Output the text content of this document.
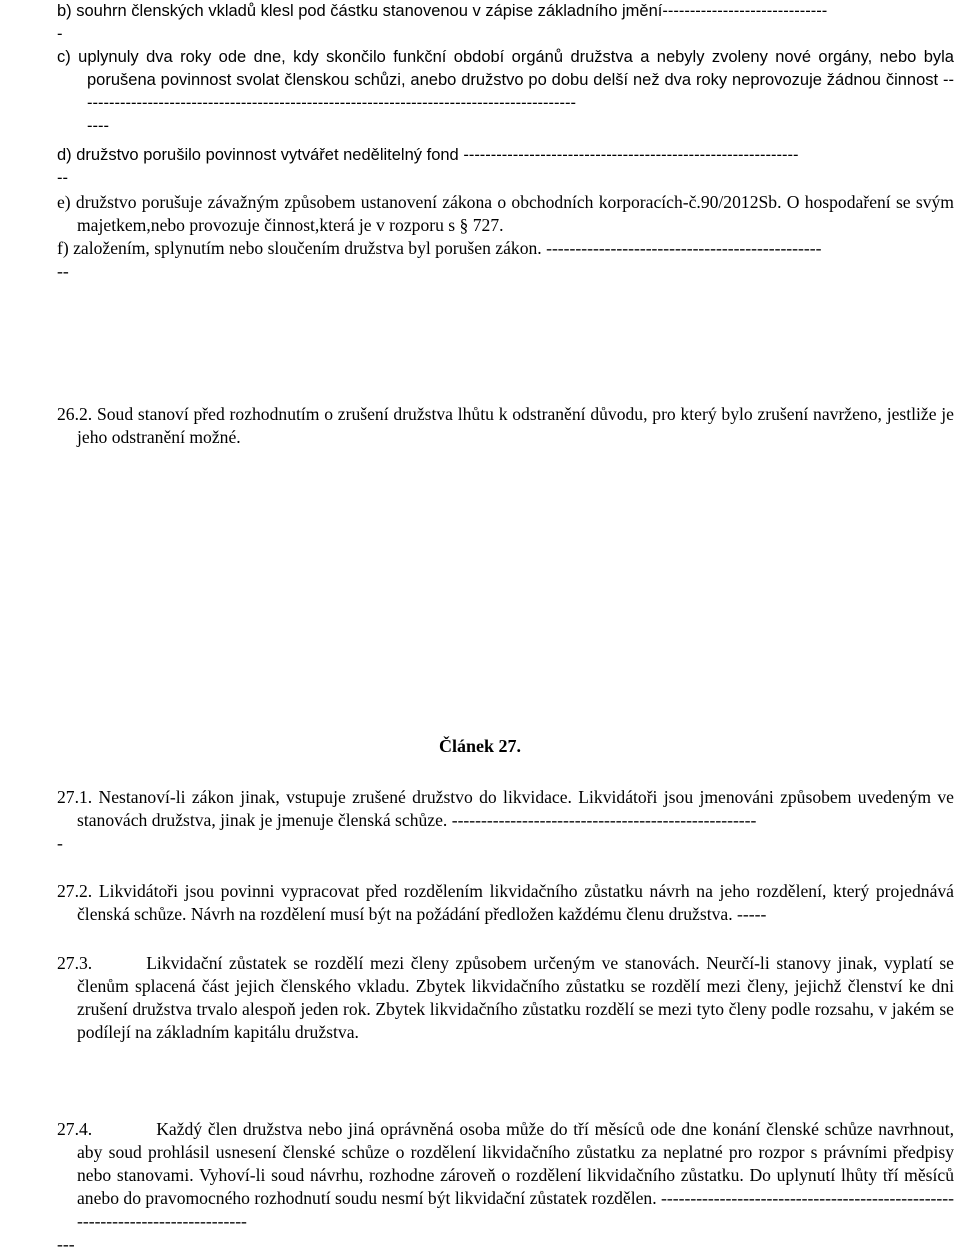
b) souhrn členských vkladů klesl pod částku stanovenou v zápise základního jmění------------------------------
-
c) uplynuly dva roky ode dne, kdy skončilo funkční období orgánů družstva a nebyly zvoleny nové orgány, nebo byla porušena povinnost svolat členskou schůzi, anebo družstvo po dobu delší než dva roky neprovozuje žádnou činnost -------------------------------------------------------------------------------------------
----
d) družstvo porušilo povinnost vytvářet nedělitelný fond -------------------------------------------------------------
--
e) družstvo porušuje závažným způsobem ustanovení zákona o obchodních korporacích-č.90/2012Sb. O hospodaření se svým majetkem,nebo provozuje činnost,která je v rozporu s § 727.
f) založením, splynutím nebo sloučením družstva byl porušen zákon. -----------------------------------------------
--
26.2. Soud stanoví před rozhodnutím o zrušení družstva lhůtu k odstranění důvodu, pro který bylo zrušení navrženo, jestliže je jeho odstranění možné.
Článek 27.
27.1. Nestanoví-li zákon jinak, vstupuje zrušené družstvo do likvidace. Likvidátoři jsou jmenováni způsobem uvedeným ve stanovách družstva, jinak je jmenuje členská schůze. ----------------------------------------------------
-
27.2. Likvidátoři jsou povinni vypracovat před rozdělením likvidačního zůstatku návrh na jeho rozdělení, který projednává členská schůze. Návrh na rozdělení musí být na požádání předložen každému členu družstva. -----
27.3.	Likvidační zůstatek se rozdělí mezi členy způsobem určeným ve stanovách. Neurčí-li stanovy jinak, vyplatí se členům splacená část jejich členského vkladu. Zbytek likvidačního zůstatku se rozdělí mezi členy, jejichž členství ke dni zrušení družstva trvalo alespoň jeden rok. Zbytek likvidačního zůstatku rozdělí se mezi tyto členy podle rozsahu, v jakém se podílejí na základním kapitálu družstva.
27.4.	Každý člen družstva nebo jiná oprávněná osoba může do tří měsíců ode dne konání členské schůze navrhnout, aby soud prohlásil usnesení členské schůze o rozdělení likvidačního zůstatku za neplatné pro rozpor s právními předpisy nebo stanovami. Vyhoví-li soud návrhu, rozhodne zároveň o rozdělení likvidačního zůstatku. Do uplynutí lhůty tří měsíců anebo do pravomocného rozhodnutí soudu nesmí být likvidační zůstatek rozdělen. -------------------------------------------------------------------------------
---
